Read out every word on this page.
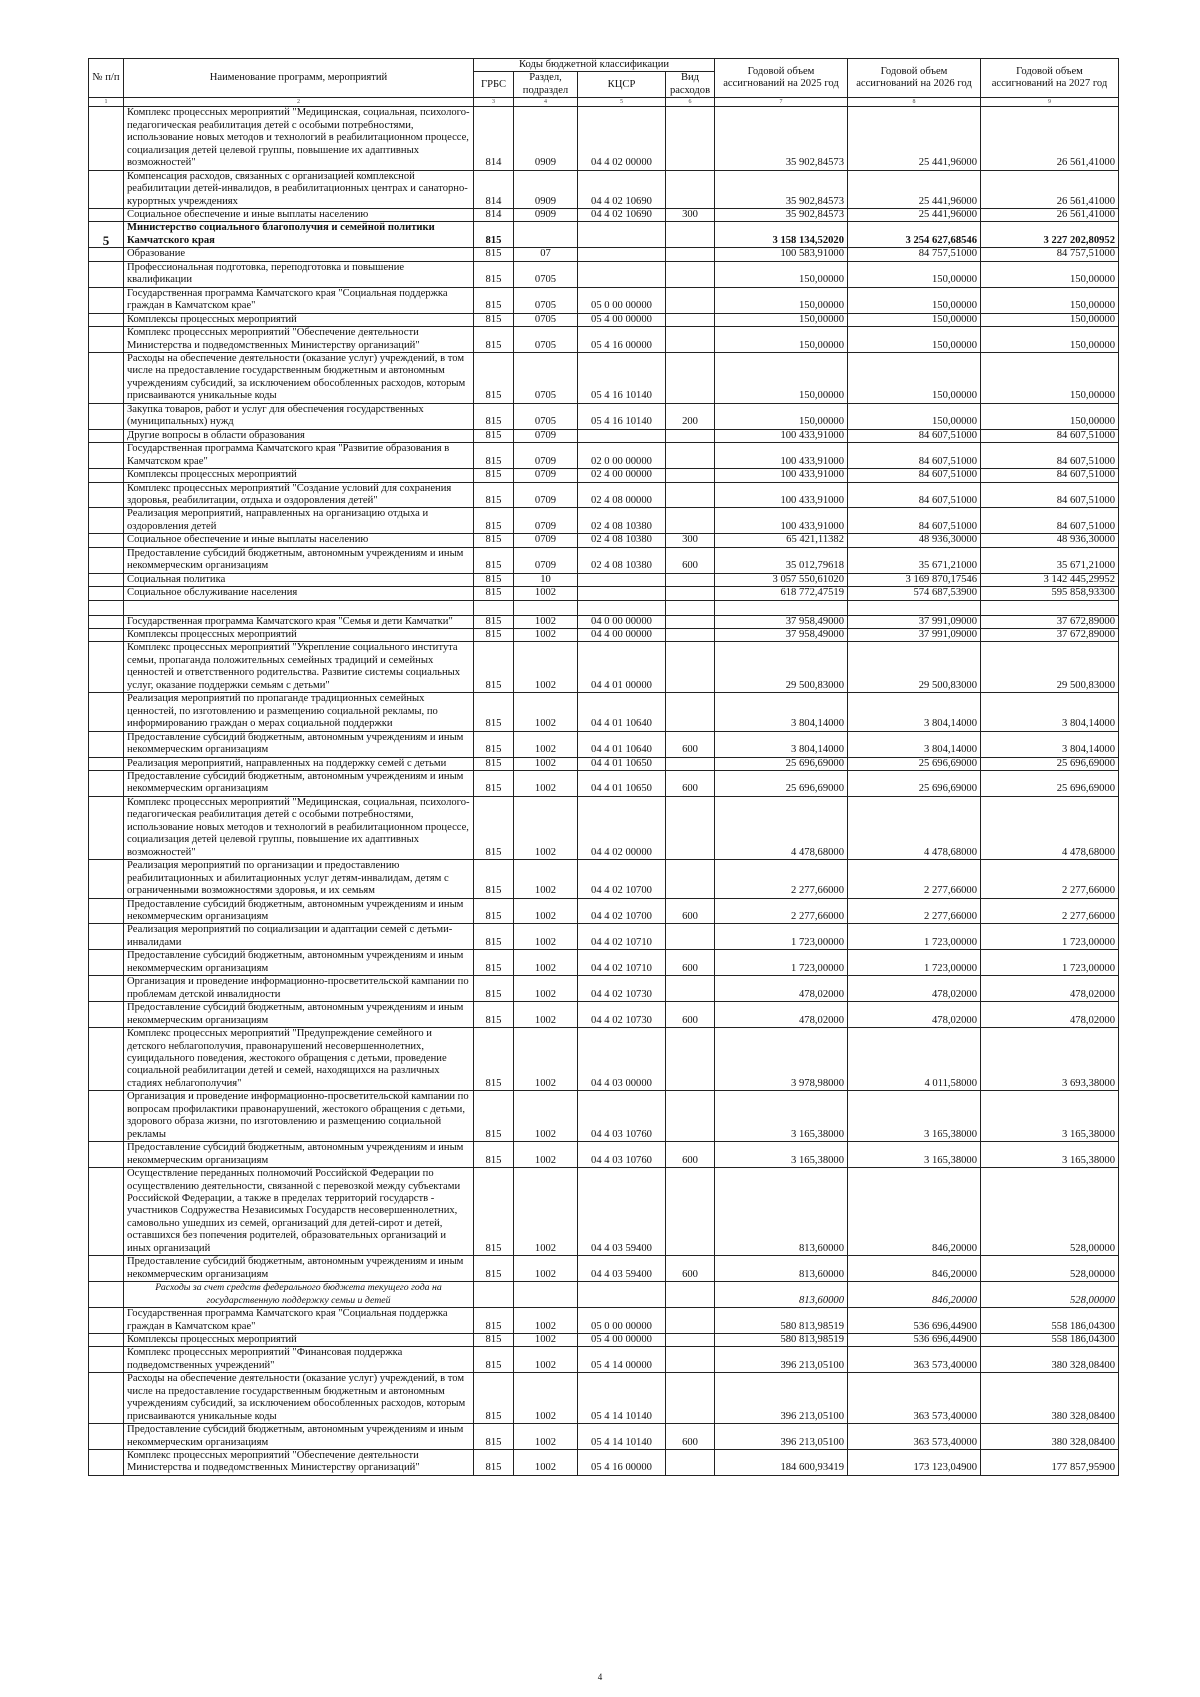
№ п/п	Наименование программ, мероприятий	Коды бюджетной классификации				Годовой объем ассигнований на 2025 год	Годовой объем ассигнований на 2026 год	Годовой объем ассигнований на 2027 год
		ГРБС	Раздел, подраздел	КЦСР	Вид расходов			
1	2	3	4	5	6	7	8	9
	Комплекс процессных мероприятий "Медицинская, социальная, психолого-педагогическая реабилитация детей с особыми потребностями, использование новых методов и технологий в реабилитационном процессе, социализация детей целевой группы, повышение их адаптивных возможностей"	814	0909	04 4 02 00000		35 902,84573	25 441,96000	26 561,41000
	Компенсация расходов, связанных с организацией комплексной реабилитации детей-инвалидов, в реабилитационных центрах и санаторно-курортных учреждениях	814	0909	04 4 02 10690		35 902,84573	25 441,96000	26 561,41000
	Социальное обеспечение и иные выплаты населению	814	0909	04 4 02 10690	300	35 902,84573	25 441,96000	26 561,41000
5	Министерство социального благополучия и семейной политики Камчатского края	815				3 158 134,52020	3 254 627,68546	3 227 202,80952
	Образование	815	07			100 583,91000	84 757,51000	84 757,51000
	Профессиональная подготовка, переподготовка и повышение квалификации	815	0705			150,00000	150,00000	150,00000
	Государственная программа Камчатского края "Социальная поддержка граждан в Камчатском крае"	815	0705	05 0 00 00000		150,00000	150,00000	150,00000
	Комплексы процессных мероприятий	815	0705	05 4 00 00000		150,00000	150,00000	150,00000
	Комплекс процессных мероприятий "Обеспечение деятельности Министерства и подведомственных Министерству организаций"	815	0705	05 4 16 00000		150,00000	150,00000	150,00000
	Расходы на обеспечение деятельности (оказание услуг) учреждений, в том числе на предоставление государственным бюджетным и автономным учреждениям субсидий, за исключением обособленных расходов, которым присваиваются уникальные коды	815	0705	05 4 16 10140		150,00000	150,00000	150,00000
	Закупка товаров, работ и услуг для обеспечения государственных (муниципальных) нужд	815	0705	05 4 16 10140	200	150,00000	150,00000	150,00000
	Другие вопросы в области образования	815	0709			100 433,91000	84 607,51000	84 607,51000
	Государственная программа Камчатского края "Развитие образования в Камчатском крае"	815	0709	02 0 00 00000		100 433,91000	84 607,51000	84 607,51000
	Комплексы процессных мероприятий	815	0709	02 4 00 00000		100 433,91000	84 607,51000	84 607,51000
	Комплекс процессных мероприятий "Создание условий для сохранения здоровья, реабилитации, отдыха и оздоровления детей"	815	0709	02 4 08 00000		100 433,91000	84 607,51000	84 607,51000
	Реализация мероприятий, направленных на организацию отдыха и оздоровления детей	815	0709	02 4 08 10380		100 433,91000	84 607,51000	84 607,51000
	Социальное обеспечение и иные выплаты населению	815	0709	02 4 08 10380	300	65 421,11382	48 936,30000	48 936,30000
	Предоставление субсидий бюджетным, автономным учреждениям и иным некоммерческим организациям	815	0709	02 4 08 10380	600	35 012,79618	35 671,21000	35 671,21000
	Социальная политика	815	10			3 057 550,61020	3 169 870,17546	3 142 445,29952
	Социальное обслуживание населения	815	1002			618 772,47519	574 687,53900	595 858,93300

	Государственная программа Камчатского края "Семья и дети Камчатки"	815	1002	04 0 00 00000		37 958,49000	37 991,09000	37 672,89000
	Комплексы процессных мероприятий	815	1002	04 4 00 00000		37 958,49000	37 991,09000	37 672,89000
	Комплекс процессных мероприятий "Укрепление социального института семьи, пропаганда положительных семейных традиций и семейных ценностей и ответственного родительства. Развитие системы социальных услуг, оказание поддержки семьям с детьми"	815	1002	04 4 01 00000		29 500,83000	29 500,83000	29 500,83000
	Реализация мероприятий по пропаганде традиционных семейных ценностей, по изготовлению и размещению социальной рекламы, по информированию граждан о мерах социальной поддержки	815	1002	04 4 01 10640		3 804,14000	3 804,14000	3 804,14000
	Предоставление субсидий бюджетным, автономным учреждениям и иным некоммерческим организациям	815	1002	04 4 01 10640	600	3 804,14000	3 804,14000	3 804,14000
	Реализация мероприятий, направленных на поддержку семей с детьми	815	1002	04 4 01 10650		25 696,69000	25 696,69000	25 696,69000
	Предоставление субсидий бюджетным, автономным учреждениям и иным некоммерческим организациям	815	1002	04 4 01 10650	600	25 696,69000	25 696,69000	25 696,69000
	Комплекс процессных мероприятий "Медицинская, социальная, психолого-педагогическая реабилитация детей с особыми потребностями, использование новых методов и технологий в реабилитационном процессе, социализация детей целевой группы, повышение их адаптивных возможностей"	815	1002	04 4 02 00000		4 478,68000	4 478,68000	4 478,68000
	Реализация мероприятий по организации и предоставлению реабилитационных и абилитационных услуг детям-инвалидам, детям с ограниченными возможностями здоровья, и их семьям	815	1002	04 4 02 10700		2 277,66000	2 277,66000	2 277,66000
	Предоставление субсидий бюджетным, автономным учреждениям и иным некоммерческим организациям	815	1002	04 4 02 10700	600	2 277,66000	2 277,66000	2 277,66000
	Реализация мероприятий по социализации и адаптации семей с детьми-инвалидами	815	1002	04 4 02 10710		1 723,00000	1 723,00000	1 723,00000
	Предоставление субсидий бюджетным, автономным учреждениям и иным некоммерческим организациям	815	1002	04 4 02 10710	600	1 723,00000	1 723,00000	1 723,00000
	Организация и проведение информационно-просветительской кампании по проблемам детской инвалидности	815	1002	04 4 02 10730		478,02000	478,02000	478,02000
	Предоставление субсидий бюджетным, автономным учреждениям и иным некоммерческим организациям	815	1002	04 4 02 10730	600	478,02000	478,02000	478,02000
	Комплекс процессных мероприятий "Предупреждение семейного и детского неблагополучия, правонарушений несовершеннолетних, суицидального поведения, жестокого обращения с детьми, проведение социальной реабилитации детей и семей, находящихся на различных стадиях неблагополучия"	815	1002	04 4 03 00000		3 978,98000	4 011,58000	3 693,38000
	Организация и проведение информационно-просветительской кампании по вопросам профилактики правонарушений, жестокого обращения с детьми, здорового образа жизни, по изготовлению и размещению социальной рекламы	815	1002	04 4 03 10760		3 165,38000	3 165,38000	3 165,38000
	Предоставление субсидий бюджетным, автономным учреждениям и иным некоммерческим организациям	815	1002	04 4 03 10760	600	3 165,38000	3 165,38000	3 165,38000
	Осуществление переданных полномочий Российской Федерации по осуществлению деятельности, связанной с перевозкой между субъектами Российской Федерации, а также в пределах территорий государств - участников Содружества Независимых Государств несовершеннолетних, самовольно ушедших из семей, организаций для детей-сирот и детей, оставшихся без попечения родителей, образовательных организаций и иных организаций	815	1002	04 4 03 59400		813,60000	846,20000	528,00000
	Предоставление субсидий бюджетным, автономным учреждениям и иным некоммерческим организациям	815	1002	04 4 03 59400	600	813,60000	846,20000	528,00000
	Расходы за счет средств федерального бюджета текущего года на государственную поддержку семьи и детей					813,60000	846,20000	528,00000
	Государственная программа Камчатского края "Социальная поддержка граждан в Камчатском крае"	815	1002	05 0 00 00000		580 813,98519	536 696,44900	558 186,04300
	Комплексы процессных мероприятий	815	1002	05 4 00 00000		580 813,98519	536 696,44900	558 186,04300
	Комплекс процессных мероприятий "Финансовая поддержка подведомственных учреждений"	815	1002	05 4 14 00000		396 213,05100	363 573,40000	380 328,08400
	Расходы на обеспечение деятельности (оказание услуг) учреждений, в том числе на предоставление государственным бюджетным и автономным учреждениям субсидий, за исключением обособленных расходов, которым присваиваются уникальные коды	815	1002	05 4 14 10140		396 213,05100	363 573,40000	380 328,08400
	Предоставление субсидий бюджетным, автономным учреждениям и иным некоммерческим организациям	815	1002	05 4 14 10140	600	396 213,05100	363 573,40000	380 328,08400
	Комплекс процессных мероприятий "Обеспечение деятельности Министерства и подведомственных Министерству организаций"	815	1002	05 4 16 00000		184 600,93419	173 123,04900	177 857,95900
4
